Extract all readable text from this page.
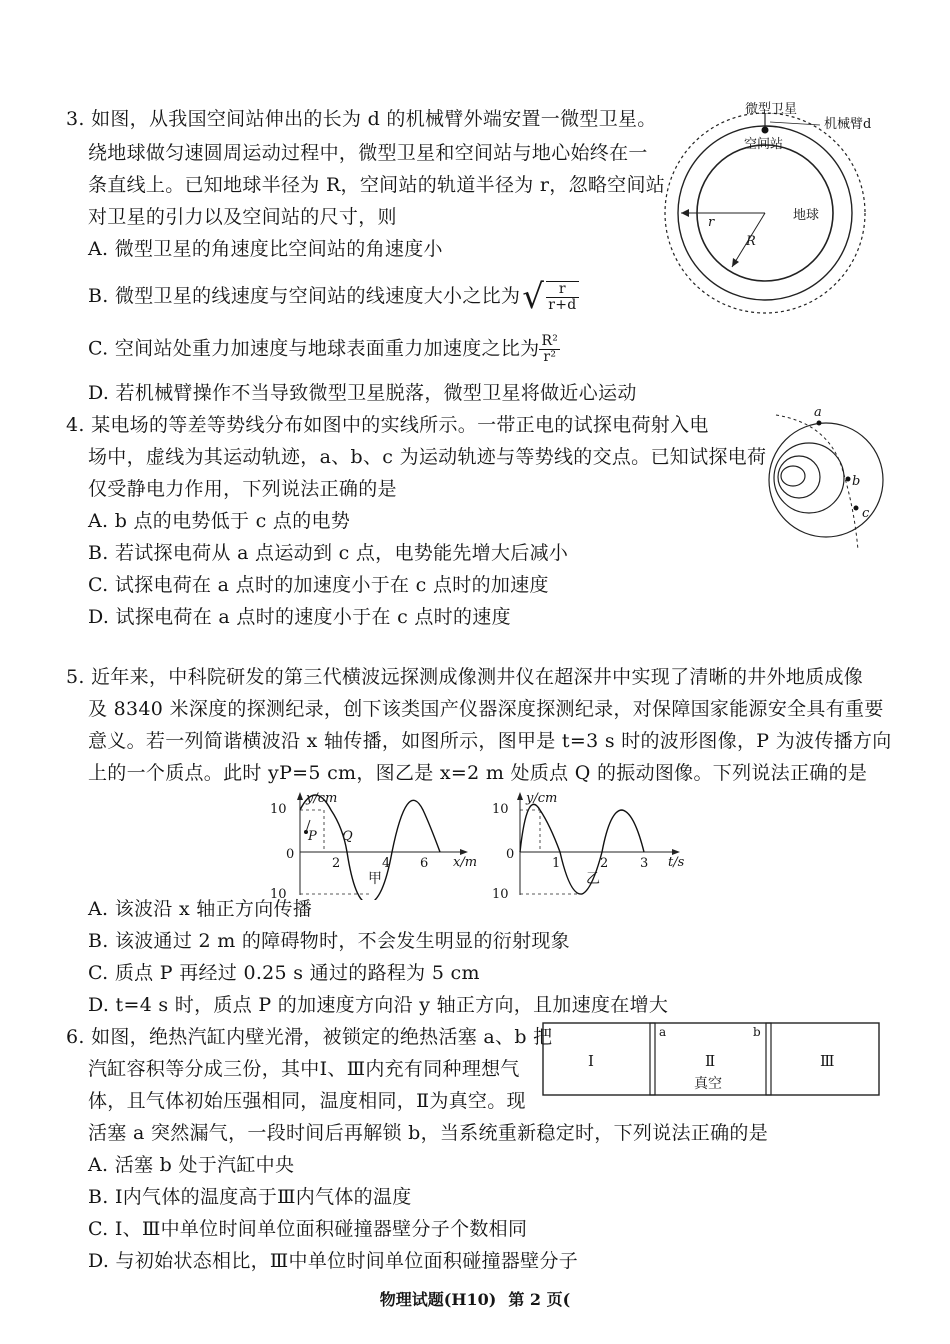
3. 如图，从我国空间站伸出的长为 d 的机械臂外端安置一微型卫星。
绕地球做匀速圆周运动过程中，微型卫星和空间站与地心始终在一
条直线上。已知地球半径为 R，空间站的轨道半径为 r，忽略空间站
对卫星的引力以及空间站的尺寸，则
A. 微型卫星的角速度比空间站的角速度小
B. 微型卫星的线速度与空间站的线速度大小之比为√ $\frac{r}{r+d}$
C. 空间站处重力加速度与地球表面重力加速度之比为 $\frac{\text{R²}}{\text{r²}}$
D. 若机械臂操作不当导致微型卫星脱落，微型卫星将做近心运动
微型卫星
机械臂d
空间站
地球
r
R
4. 某电场的等差等势线分布如图中的实线所示。一带正电的试探电荷射入电
场中，虚线为其运动轨迹，a、b、c 为运动轨迹与等势线的交点。已知试探电荷
仅受静电力作用，下列说法正确的是
A. b 点的电势低于 c 点的电势
B. 若试探电荷从 a 点运动到 c 点，电势能先增大后减小
C. 试探电荷在 a 点时的加速度小于在 c 点时的加速度
D. 试探电荷在 a 点时的速度小于在 c 点时的速度
a
b
c
5. 近年来，中科院研发的第三代横波远探测成像测井仪在超深井中实现了清晰的井外地质成像
及 8340 米深度的探测纪录，创下该类国产仪器深度探测纪录，对保障国家能源安全具有重要
意义。若一列简谐横波沿 x 轴传播，如图所示，图甲是 t=3 s 时的波形图像，P 为波传播方向
上的一个质点。此时 yP=5 cm，图乙是 x=2 m 处质点 Q 的振动图像。下列说法正确的是
10
0
10
y/cm
x/m
P Q
2	4 6
甲
10
0
10
y/cm
t/s
1	2 3
乙
A. 该波沿 x 轴正方向传播
B. 该波通过 2 m 的障碍物时，不会发生明显的衍射现象
C. 质点 P 再经过 0.25 s 通过的路程为 5 cm
D. t=4 s 时，质点 P 的加速度方向沿 y 轴正方向，且加速度在增大
6. 如图，绝热汽缸内壁光滑，被锁定的绝热活塞 a、b 把
汽缸容积等分成三份，其中Ⅰ、Ⅲ内充有同种理想气
体，且气体初始压强相同，温度相同，Ⅱ为真空。现
活塞 a 突然漏气，一段时间后再解锁 b，当系统重新稳定时，下列说法正确的是
Ⅰ	Ⅱ	Ⅲ
a	b
真空
A. 活塞 b 处于汽缸中央
B. Ⅰ内气体的温度高于Ⅲ内气体的温度
C. Ⅰ、Ⅲ中单位时间单位面积碰撞器壁分子个数相同
D. 与初始状态相比，Ⅲ中单位时间单位面积碰撞器壁分子
物理试题(H10) 第 2 页(
